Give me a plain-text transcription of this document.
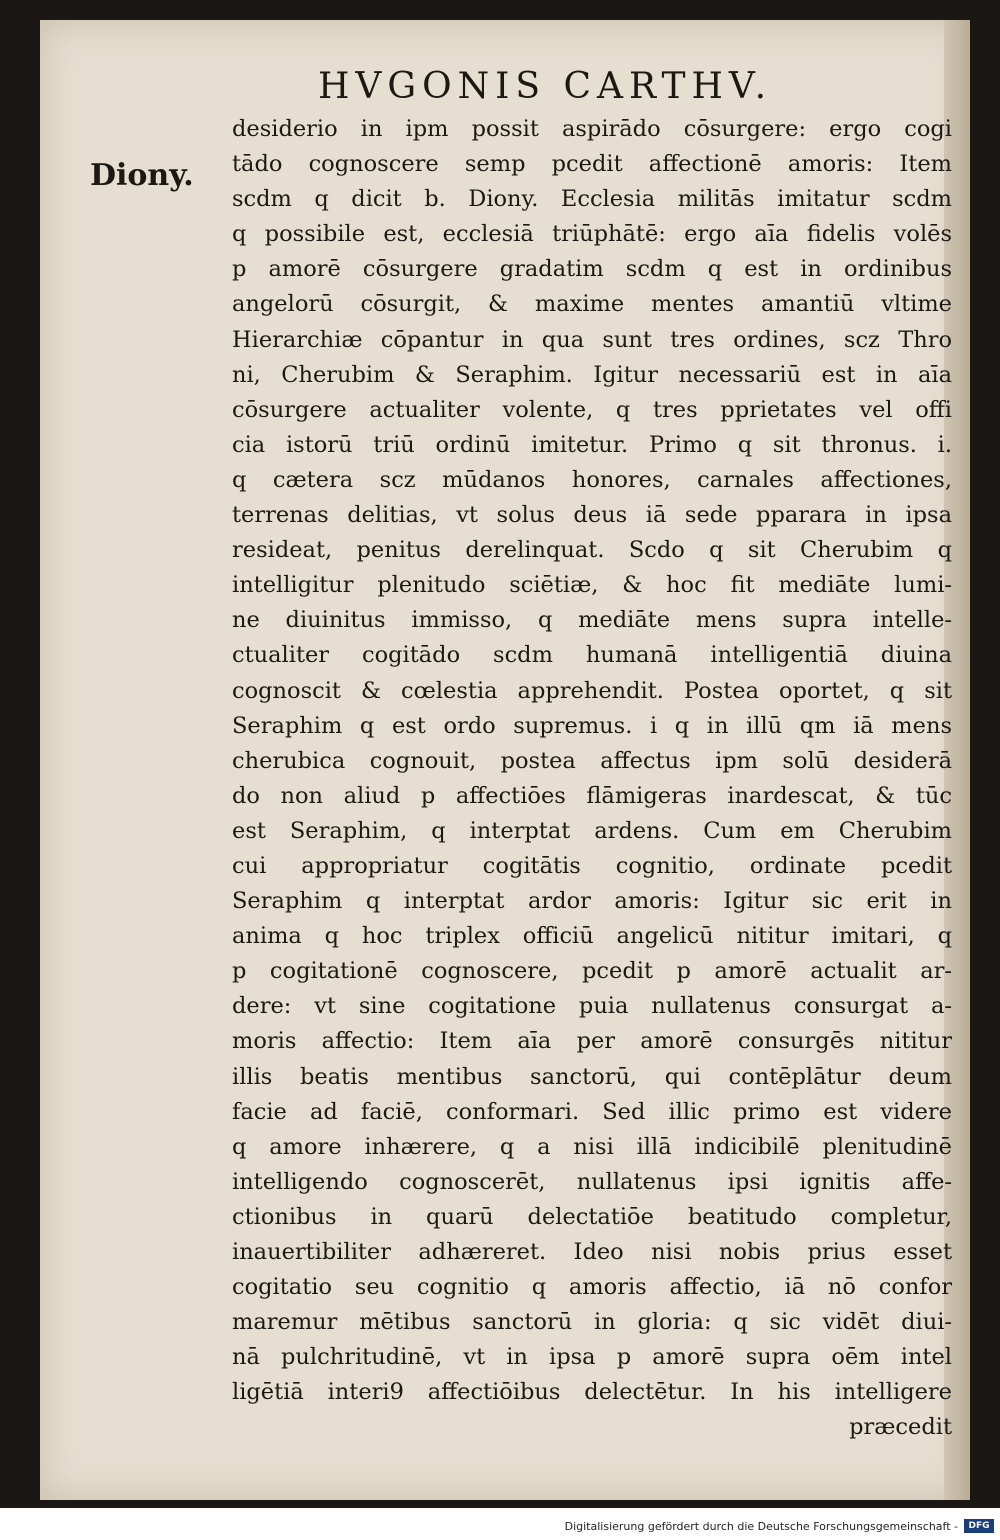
HVGONIS CARTHV.
Diony.
desiderio in ipm possit aspirādo cōsurgere: ergo cogi
tādo cognoscere semp pcedit affectionē amoris: Item
scdm q dicit b. Diony. Ecclesia militās imitatur scdm
q possibile est, ecclesiā triūphātē: ergo aīa fidelis volēs
p amorē cōsurgere gradatim scdm q est in ordinibus
angelorū cōsurgit, & maxime mentes amantiū vltime
Hierarchiæ cōpantur in qua sunt tres ordines, scz Thro
ni, Cherubim & Seraphim. Igitur necessariū est in aīa
cōsurgere actualiter volente, q tres pprietates vel offi
cia istorū triū ordinū imitetur. Primo q sit thronus. i.
q cætera scz mūdanos honores, carnales affectiones,
terrenas delitias, vt solus deus iā sede pparara in ipsa
resideat, penitus derelinquat. Scdo q sit Cherubim q
intelligitur plenitudo sciētiæ, & hoc fit mediāte lumi-
ne diuinitus immisso, q mediāte mens supra intelle-
ctualiter cogitādo scdm humanā intelligentiā diuina
cognoscit & cœlestia apprehendit. Postea oportet, q sit
Seraphim q est ordo supremus. i q in illū qm iā mens
cherubica cognouit, postea affectus ipm solū desiderā
do non aliud p affectiōes flāmigeras inardescat, & tūc
est Seraphim, q interptat ardens. Cum em Cherubim
cui appropriatur cogitātis cognitio, ordinate pcedit
Seraphim q interptat ardor amoris: Igitur sic erit in
anima q hoc triplex officiū angelicū nititur imitari, q
p cogitationē cognoscere, pcedit p amorē actualit ar-
dere: vt sine cogitatione puia nullatenus consurgat a-
moris affectio: Item aīa per amorē consurgēs nititur
illis beatis mentibus sanctorū, qui contēplātur deum
facie ad faciē, conformari. Sed illic primo est videre
q amore inhærere, q a nisi illā indicibilē plenitudinē
intelligendo cognoscerēt, nullatenus ipsi ignitis affe-
ctionibus in quarū delectatiōe beatitudo completur,
inauertibiliter adhæreret. Ideo nisi nobis prius esset
cogitatio seu cognitio q amoris affectio, iā nō confor
maremur mētibus sanctorū in gloria: q sic vidēt diui-
nā pulchritudinē, vt in ipsa p amorē supra oēm intel
ligētiā interi9 affectiōibus delectētur. In his intelligere
præcedit
Digitalisierung gefördert durch die Deutsche Forschungsgemeinschaft -	DFG
